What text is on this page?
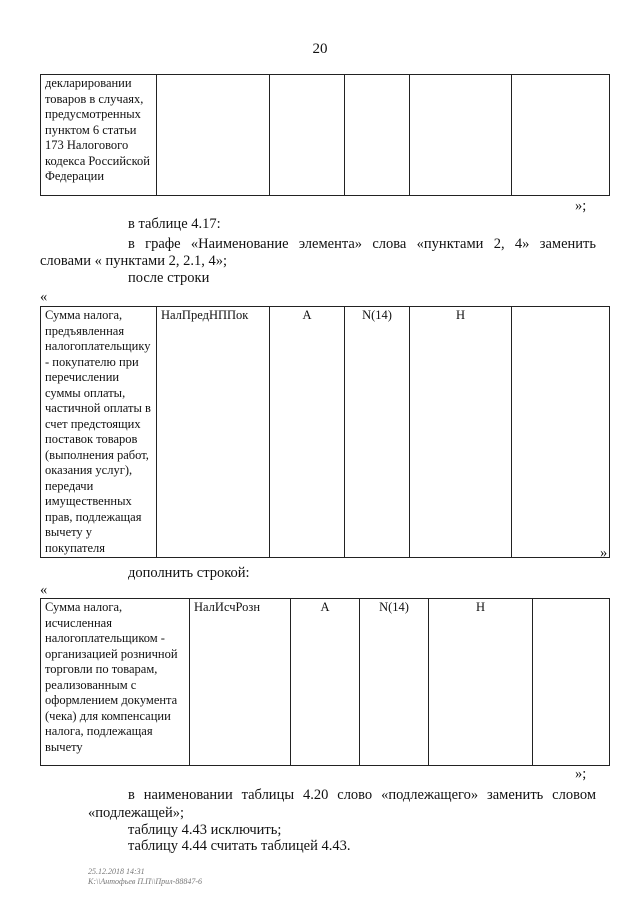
20
декларировании товаров в случаях, предусмотренных пунктом 6 статьи 173 Налогового кодекса Российской Федерации					
»;
в таблице 4.17:
в графе «Наименование элемента» слова «пунктами 2, 4» заменить
словами « пунктами 2, 2.1, 4»;
после строки
«
Сумма налога, предъявленная налогоплательщику - покупателю при перечислении суммы оплаты, частичной оплаты в счет предстоящих поставок товаров (выполнения работ, оказания услуг), передачи имущественных прав, подлежащая вычету у покупателя	НалПредНППок	А	N(14)	Н	
»
дополнить строкой:
«
Сумма налога, исчисленная налогоплательщиком - организацией розничной торговли по товарам, реализованным с оформлением документа (чека) для компенсации налога, подлежащая вычету	НалИсчРозн	А	N(14)	Н	
»;
в наименовании таблицы 4.20 слово «подлежащего» заменить словом
«подлежащей»;
таблицу 4.43 исключить;
таблицу 4.44 считать таблицей 4.43.
25.12.2018 14:31
К:\\Антофьев П.П\\Прил-88847-6
